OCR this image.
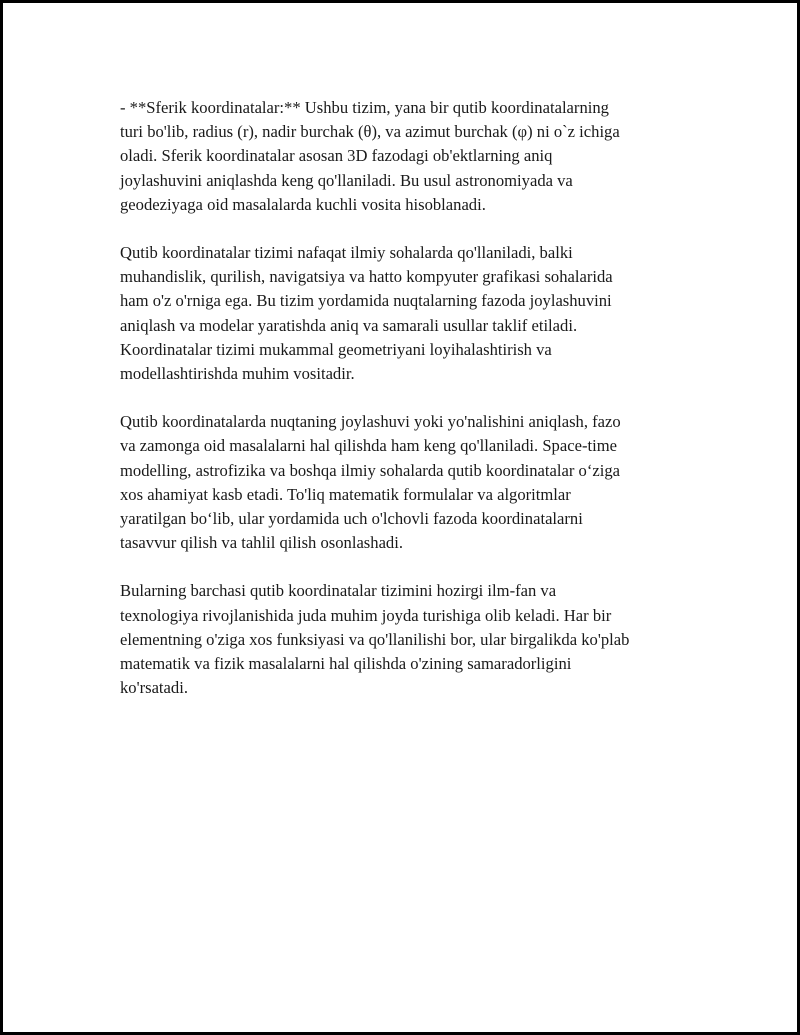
- **Sferik koordinatalar:** Ushbu tizim, yana bir qutib koordinatalarning
turi bo'lib, radius (r), nadir burchak (θ), va azimut burchak (φ) ni o`z ichiga
oladi. Sferik koordinatalar asosan 3D fazodagi ob'ektlarning aniq
joylashuvini aniqlashda keng qo'llaniladi. Bu usul astronomiyada va
geodeziyaga oid masalalarda kuchli vosita hisoblanadi.

Qutib koordinatalar tizimi nafaqat ilmiy sohalarda qo'llaniladi, balki
muhandislik, qurilish, navigatsiya va hatto kompyuter grafikasi sohalarida
ham o'z o'rniga ega. Bu tizim yordamida nuqtalarning fazoda joylashuvini
aniqlash va modelar yaratishda aniq va samarali usullar taklif etiladi.
Koordinatalar tizimi mukammal geometriyani loyihalashtirish va
modellashtirishda muhim vositadir.

Qutib koordinatalarda nuqtaning joylashuvi yoki yo'nalishini aniqlash, fazo
va zamonga oid masalalarni hal qilishda ham keng qo'llaniladi. Space-time
modelling, astrofizika va boshqa ilmiy sohalarda qutib koordinatalar o‘ziga
xos ahamiyat kasb etadi. To'liq matematik formulalar va algoritmlar
yaratilgan bo‘lib, ular yordamida uch o'lchovli fazoda koordinatalarni
tasavvur qilish va tahlil qilish osonlashadi.

Bularning barchasi qutib koordinatalar tizimini hozirgi ilm-fan va
texnologiya rivojlanishida juda muhim joyda turishiga olib keladi. Har bir
elementning o'ziga xos funksiyasi va qo'llanilishi bor, ular birgalikda ko'plab
matematik va fizik masalalarni hal qilishda o'zining samaradorligini
ko'rsatadi.
